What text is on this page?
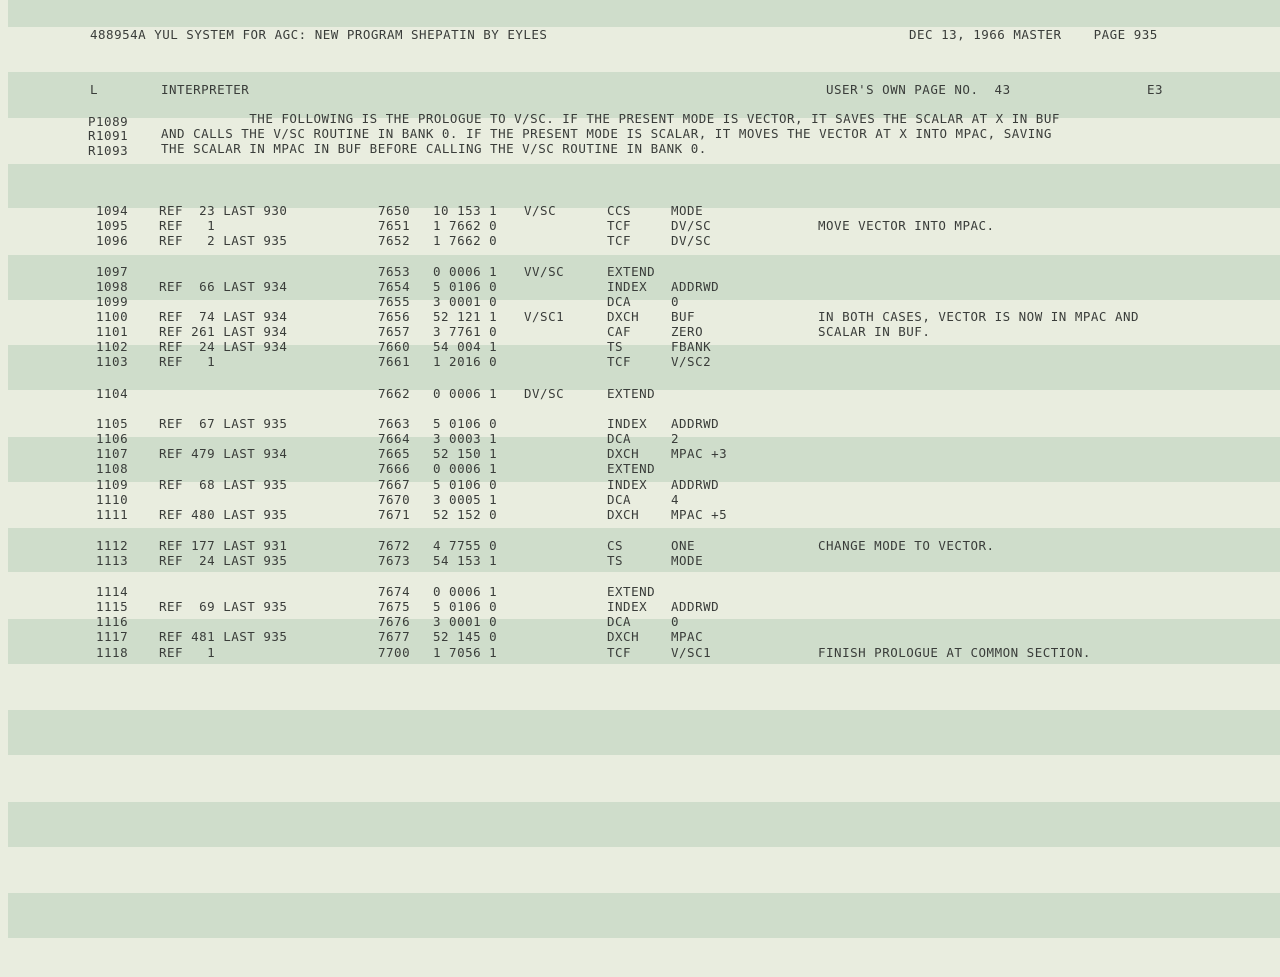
488954A YUL SYSTEM FOR AGC: NEW PROGRAM SHEPATIN BY EYLES	DEC 13, 1966 MASTER    PAGE 935
L	INTERPRETER	USER'S OWN PAGE NO.  43	E3
P1089	THE FOLLOWING IS THE PROLOGUE TO V/SC. IF THE PRESENT MODE IS VECTOR, IT SAVES THE SCALAR AT X IN BUF
R1091	AND CALLS THE V/SC ROUTINE IN BANK 0. IF THE PRESENT MODE IS SCALAR, IT MOVES THE VECTOR AT X INTO MPAC, SAVING
R1093	THE SCALAR IN MPAC IN BUF BEFORE CALLING THE V/SC ROUTINE IN BANK 0.
1094 REF  23 LAST 930	7650 10 153 1 V/SC	CCS	MODE
1095 REF   1	7651 1 7662 0	TCF	DV/SC	MOVE VECTOR INTO MPAC.
1096 REF   2 LAST 935	7652 1 7662 0	TCF	DV/SC
1097	7653 0 0006 1 VV/SC	EXTEND
1098 REF  66 LAST 934	7654 5 0106 0	INDEX ADDRWD
1099	7655 3 0001 0	DCA	0
1100 REF  74 LAST 934	7656 52 121 1 V/SC1	DXCH	BUF	IN BOTH CASES, VECTOR IS NOW IN MPAC AND
1101 REF 261 LAST 934	7657 3 7761 0	CAF	ZERO	SCALAR IN BUF.
1102 REF  24 LAST 934	7660 54 004 1	TS	FBANK
1103 REF   1	7661 1 2016 0	TCF	V/SC2
1104	7662 0 0006 1 DV/SC	EXTEND
1105 REF  67 LAST 935	7663 5 0106 0	INDEX ADDRWD
1106	7664 3 0003 1	DCA	2
1107 REF 479 LAST 934	7665 52 150 1	DXCH	MPAC +3
1108	7666 0 0006 1	EXTEND
1109 REF  68 LAST 935	7667 5 0106 0	INDEX ADDRWD
1110	7670 3 0005 1	DCA	4
1111 REF 480 LAST 935	7671 52 152 0	DXCH	MPAC +5
1112 REF 177 LAST 931	7672 4 7755 0	CS	ONE	CHANGE MODE TO VECTOR.
1113 REF  24 LAST 935	7673 54 153 1	TS	MODE
1114	7674 0 0006 1	EXTEND
1115 REF  69 LAST 935	7675 5 0106 0	INDEX ADDRWD
1116	7676 3 0001 0	DCA	0
1117 REF 481 LAST 935	7677 52 145 0	DXCH	MPAC
1118 REF   1	7700 1 7056 1	TCF	V/SC1	FINISH PROLOGUE AT COMMON SECTION.
